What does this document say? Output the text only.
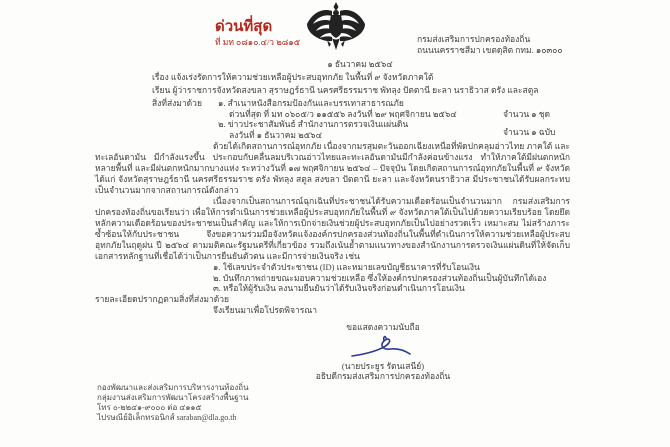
ด่วนที่สุด
ที่ มท ๐๘๑๐.๔/ว ๒๘๑๕	กรมส่งเสริมการปกครองท้องถิ่น
ถนนนครราชสีมา เขตดุสิต กทม. ๑๐๓๐๐
๑ ธันวาคม ๒๕๖๔
เรื่อง แจ้งเร่งรัดการให้ความช่วยเหลือผู้ประสบอุทกภัย ในพื้นที่ ๙ จังหวัดภาคใต้
เรียน ผู้ว่าราชการจังหวัดสงขลา สุราษฎร์ธานี นครศรีธรรมราช พัทลุง ปัตตานี ยะลา นราธิวาส ตรัง และสตูล
สิ่งที่ส่งมาด้วย ๑. สำเนาหนังสือกรมป้องกันและบรรเทาสาธารณภัย
ด่วนที่สุด ที่ มท ๐๖๐๕/ว ๑๑๕๕๖ ลงวันที่ ๒๙ พฤศจิกายน ๒๕๖๔	จำนวน ๑ ชุด
๒. ข่าวประชาสัมพันธ์ สำนักงานการตรวจเงินแผ่นดิน
ลงวันที่ ๑ ธันวาคม ๒๕๖๔	จำนวน ๑ ฉบับ
ด้วยได้เกิดสถานการณ์อุทกภัย เนื่องจากมรสุมตะวันออกเฉียงเหนือที่พัดปกคลุมอ่าวไทย ภาคใต้ และทะเลอันดามัน มีกำลังแรงขึ้น ประกอบกับคลื่นลมบริเวณอ่าวไทยและทะเลอันดามันมีกำลังค่อนข้างแรง ทำให้ภาคใต้มีฝนตกหนักหลายพื้นที่ และมีฝนตกหนักมากบางแห่ง ระหว่างวันที่ ๑๗ พฤศจิกายน ๒๕๖๔ – ปัจจุบัน โดยเกิดสถานการณ์อุทกภัยในพื้นที่ ๙ จังหวัด ได้แก่ จังหวัดสุราษฎร์ธานี นครศรีธรรมราช ตรัง พัทลุง สตูล สงขลา ปัตตานี ยะลา และจังหวัดนราธิวาส มีประชาชนได้รับผลกระทบเป็นจำนวนมากจากสถานการณ์ดังกล่าว
เนื่องจากเป็นสถานการณ์ฉุกเฉินที่ประชาชนได้รับความเดือดร้อนเป็นจำนวนมาก กรมส่งเสริมการปกครองท้องถิ่นขอเรียนว่า เพื่อให้การดำเนินการช่วยเหลือผู้ประสบอุทกภัยในพื้นที่ ๙ จังหวัดภาคใต้เป็นไปด้วยความเรียบร้อย โดยยึดหลักความเดือดร้อนของประชาชนเป็นสำคัญ และให้การเบิกจ่ายเงินช่วยผู้ประสบอุทกภัยเป็นไปอย่างรวดเร็ว เหมาะสม ไม่สร้างภาระซ้ำซ้อนให้กับประชาชน จึงขอความร่วมมือจังหวัดแจ้งองค์กรปกครองส่วนท้องถิ่นในพื้นที่ดำเนินการให้ความช่วยเหลือผู้ประสบอุทกภัยในฤดูฝน ปี ๒๕๖๔ ตามมติคณะรัฐมนตรีที่เกี่ยวข้อง รวมถึงเน้นย้ำตามแนวทางของสำนักงานการตรวจเงินแผ่นดินที่ให้จัดเก็บเอกสารหลักฐานที่เชื่อได้ว่าเป็นการยืนยันตัวตน และมีการจ่ายเงินจริง เช่น
๑. ใช้เลขประจำตัวประชาชน (ID) และหมายเลขบัญชีธนาคารที่รับโอนเงิน
๒. บันทึกภาพถ่ายขณะมอบความช่วยเหลือ ซึ่งให้องค์กรปกครองส่วนท้องถิ่นเป็นผู้บันทึกได้เอง
๓. หรือให้ผู้รับเงิน ลงนามยืนยันว่าได้รับเงินจริงก่อนดำเนินการโอนเงิน
รายละเอียดปรากฏตามสิ่งที่ส่งมาด้วย
จึงเรียนมาเพื่อโปรดพิจารณา
ขอแสดงความนับถือ
(นายประยูร รัตนเสนีย์)
อธิบดีกรมส่งเสริมการปกครองท้องถิ่น
กองพัฒนาและส่งเสริมการบริหารงานท้องถิ่น
กลุ่มงานส่งเสริมการพัฒนาโครงสร้างพื้นฐาน
โทร ๐-๒๒๔๑-๙๐๐๐ ต่อ ๔๑๑๕
ไปรษณีย์อิเล็กทรอนิกส์ saraban@dla.go.th
